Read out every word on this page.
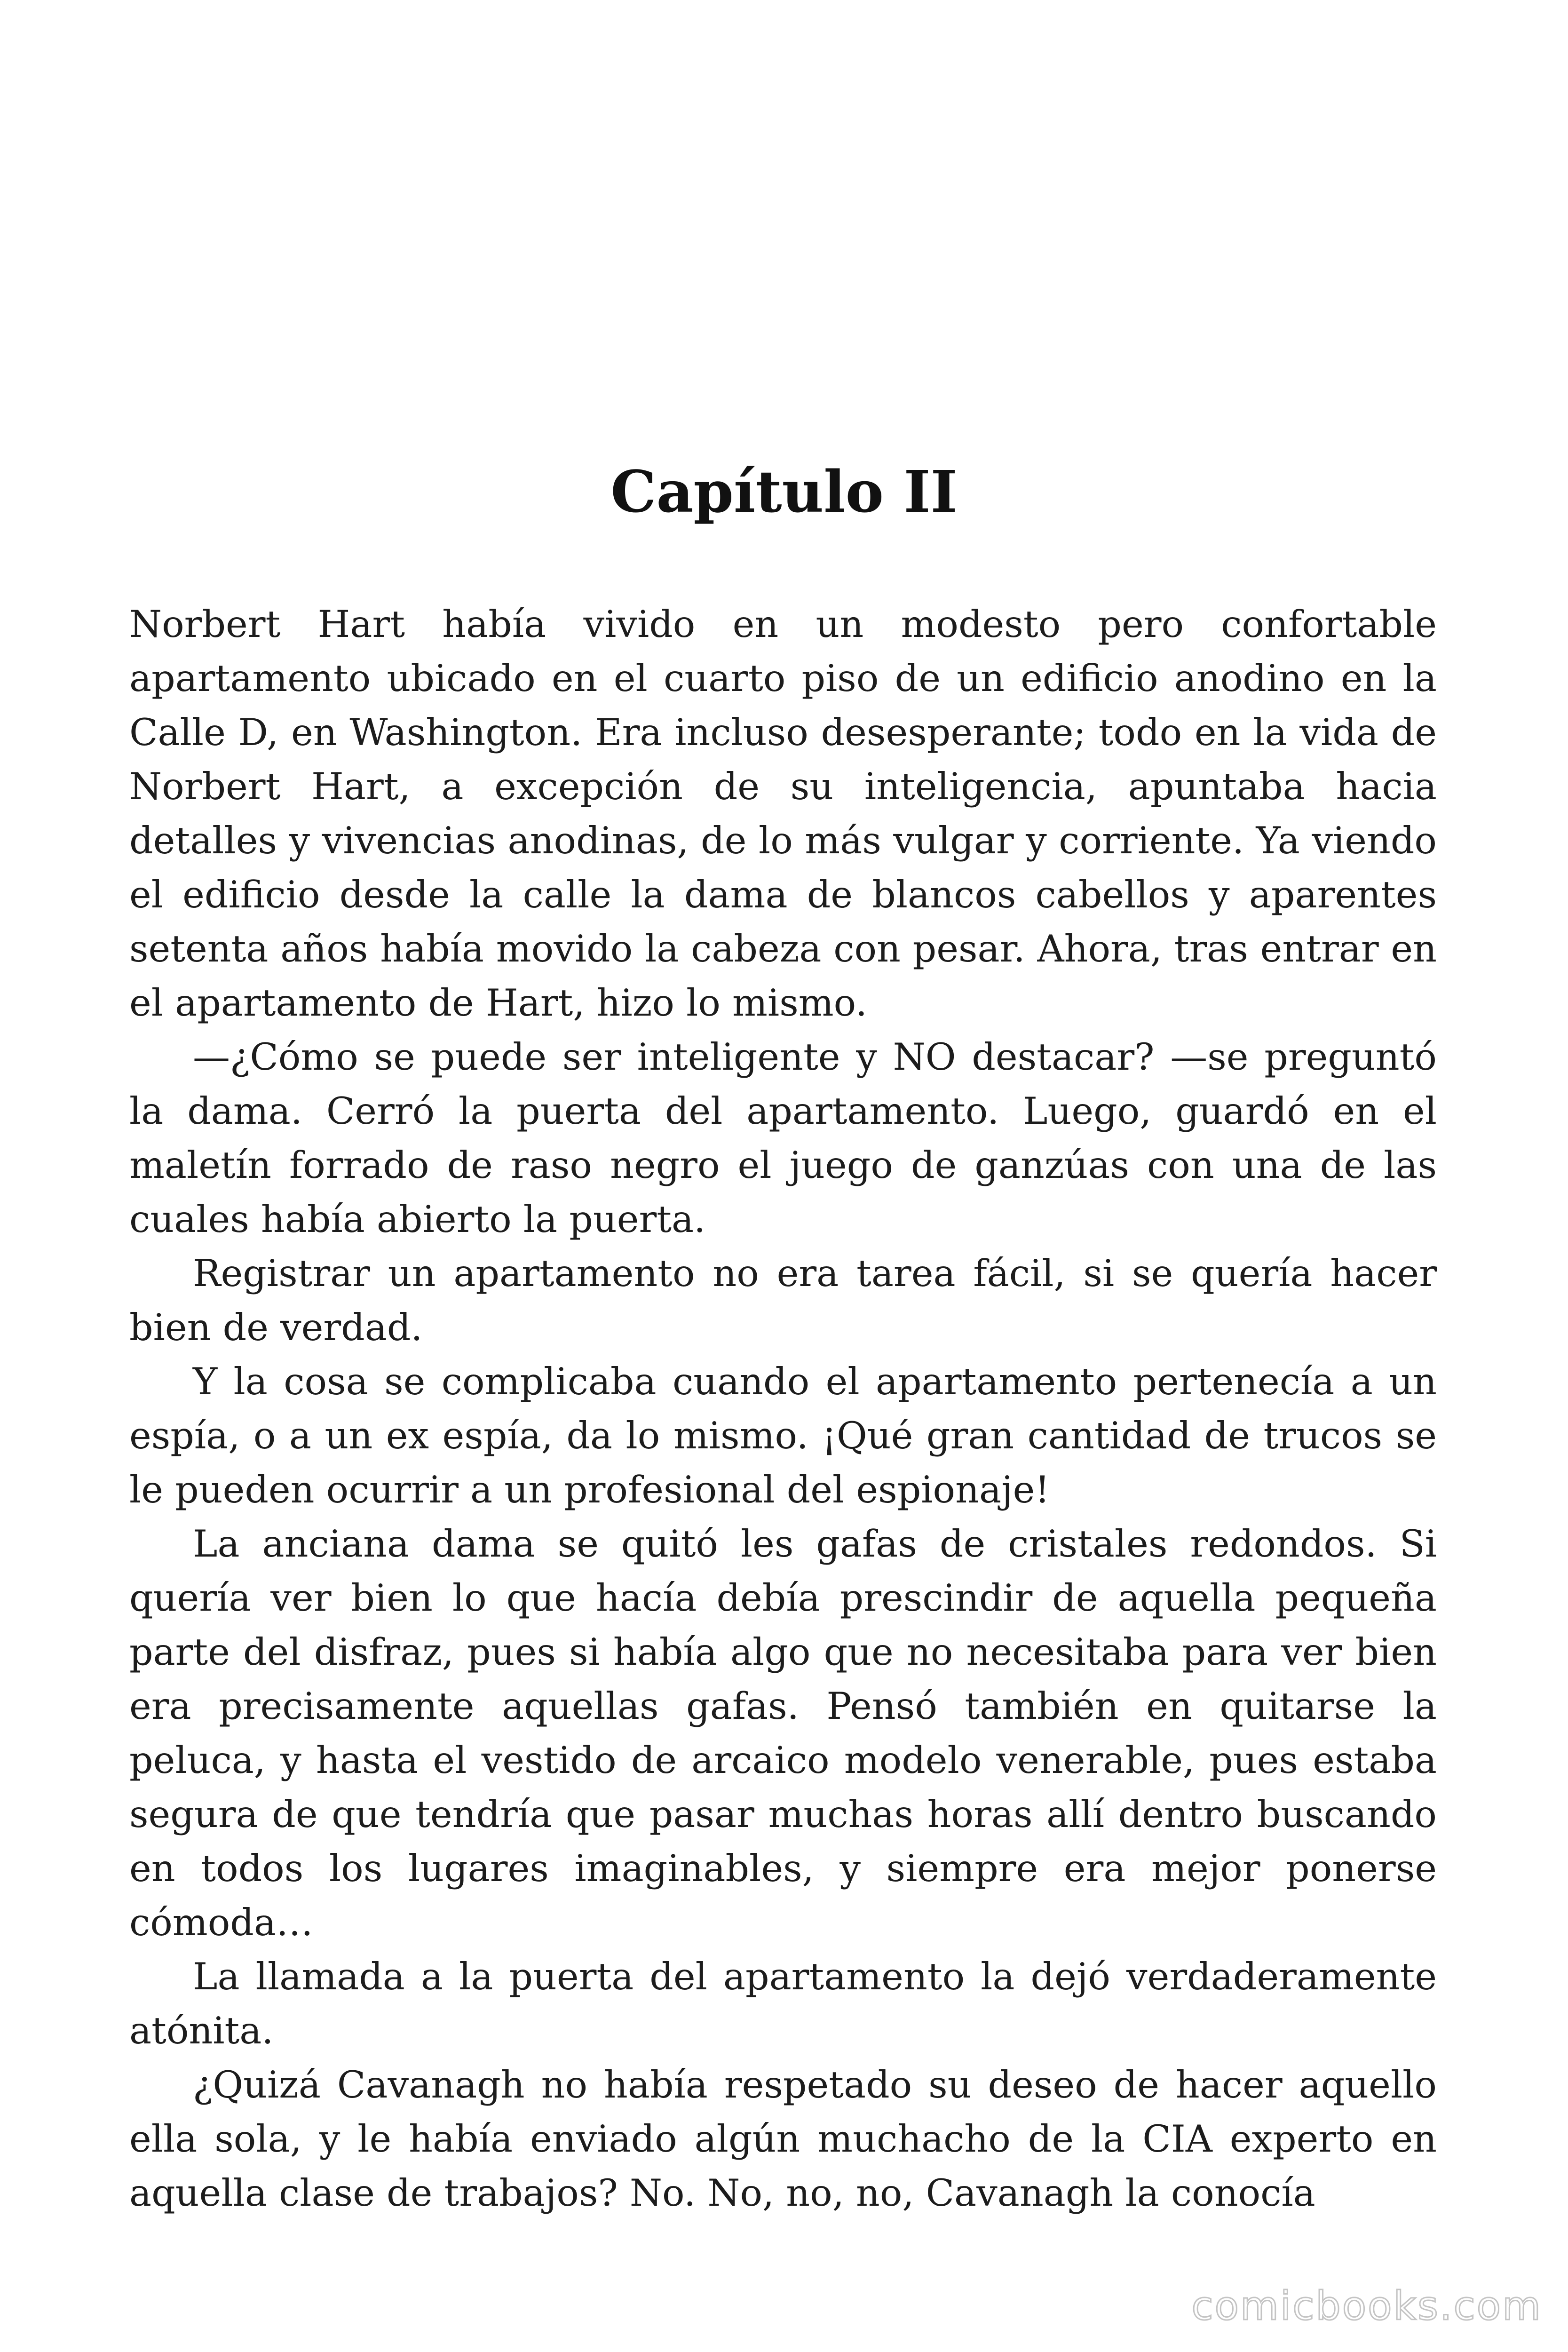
Capítulo II

Norbert Hart había vivido en un modesto pero confortable apartamento ubicado en el cuarto piso de un edificio anodino en la Calle D, en Washington. Era incluso desesperante; todo en la vida de Norbert Hart, a excepción de su inteligencia, apuntaba hacia detalles y vivencias anodinas, de lo más vulgar y corriente. Ya viendo el edificio desde la calle la dama de blancos cabellos y aparentes setenta años había movido la cabeza con pesar. Ahora, tras entrar en el apartamento de Hart, hizo lo mismo.

—¿Cómo se puede ser inteligente y NO destacar? —se preguntó la dama. Cerró la puerta del apartamento. Luego, guardó en el maletín forrado de raso negro el juego de ganzúas con una de las cuales había abierto la puerta.

Registrar un apartamento no era tarea fácil, si se quería hacer bien de verdad.

Y la cosa se complicaba cuando el apartamento pertenecía a un espía, o a un ex espía, da lo mismo. ¡Qué gran cantidad de trucos se le pueden ocurrir a un profesional del espionaje!

La anciana dama se quitó les gafas de cristales redondos. Si quería ver bien lo que hacía debía prescindir de aquella pequeña parte del disfraz, pues si había algo que no necesitaba para ver bien era precisamente aquellas gafas. Pensó también en quitarse la peluca, y hasta el vestido de arcaico modelo venerable, pues estaba segura de que tendría que pasar muchas horas allí dentro buscando en todos los lugares imaginables, y siempre era mejor ponerse cómoda…

La llamada a la puerta del apartamento la dejó verdaderamente atónita.

¿Quizá Cavanagh no había respetado su deseo de hacer aquello ella sola, y le había enviado algún muchacho de la CIA experto en aquella clase de trabajos? No. No, no, no, Cavanagh la conocía

comicbooks.com
